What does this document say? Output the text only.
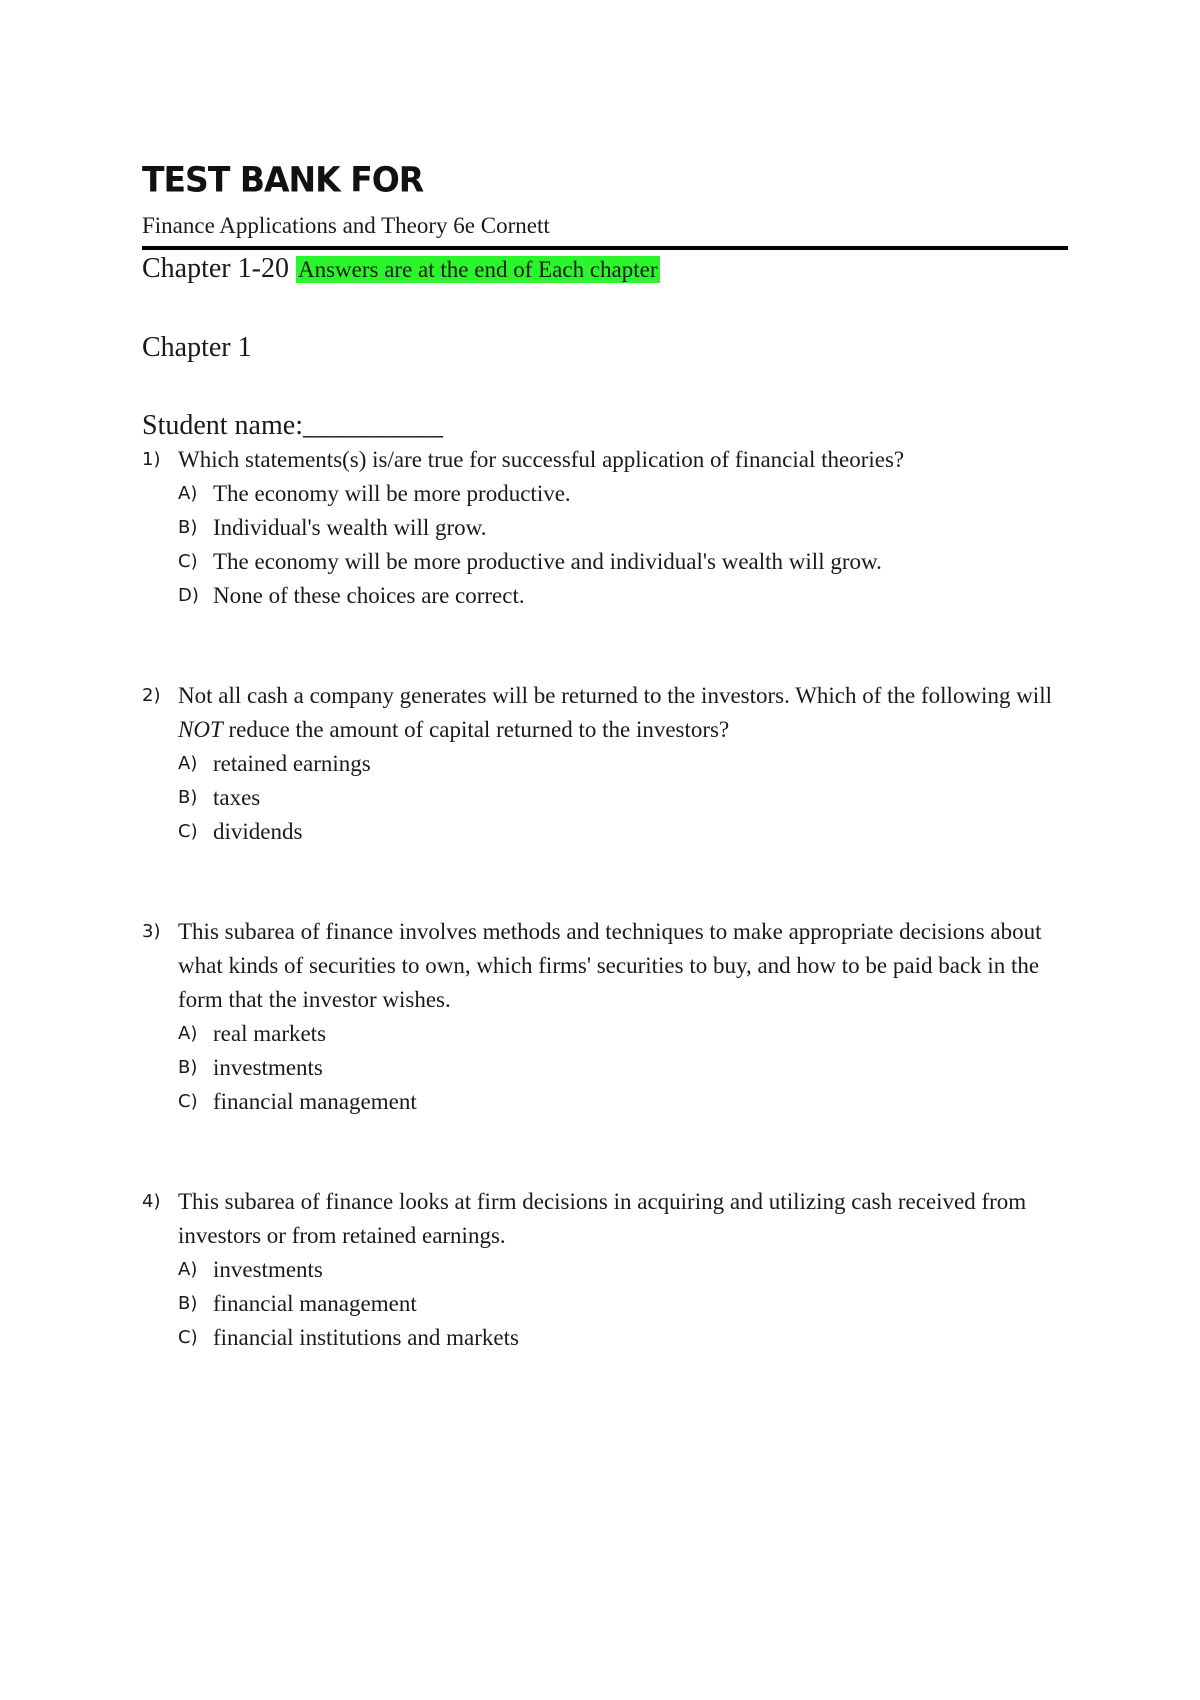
TEST BANK FOR
Finance Applications and Theory 6e Cornett
Chapter 1-20 Answers are at the end of Each chapter
Chapter 1
Student name:__________
1) Which statements(s) is/are true for successful application of financial theories?
A) The economy will be more productive.
B) Individual's wealth will grow.
C) The economy will be more productive and individual's wealth will grow.
D) None of these choices are correct.
2) Not all cash a company generates will be returned to the investors. Which of the following will NOT reduce the amount of capital returned to the investors?
A) retained earnings
B) taxes
C) dividends
3) This subarea of finance involves methods and techniques to make appropriate decisions about what kinds of securities to own, which firms' securities to buy, and how to be paid back in the form that the investor wishes.
A) real markets
B) investments
C) financial management
4) This subarea of finance looks at firm decisions in acquiring and utilizing cash received from investors or from retained earnings.
A) investments
B) financial management
C) financial institutions and markets
